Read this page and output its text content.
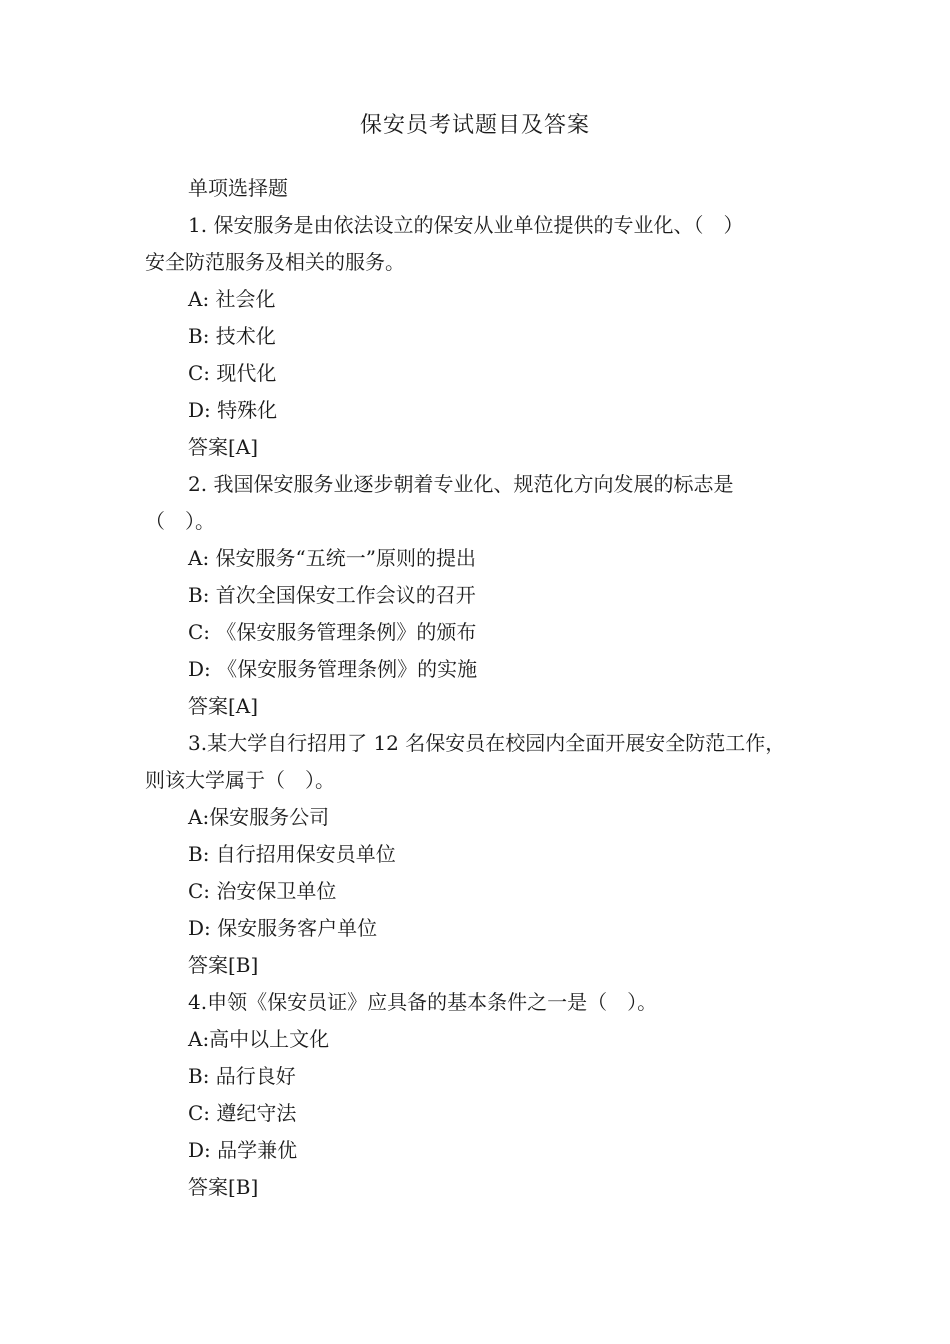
保安员考试题目及答案
单项选择题
1. 保安服务是由依法设立的保安从业单位提供的专业化、（　）
安全防范服务及相关的服务。
A: 社会化
B: 技术化
C: 现代化
D: 特殊化
答案[A]
2. 我国保安服务业逐步朝着专业化、规范化方向发展的标志是
（　）。
A: 保安服务“五统一”原则的提出
B: 首次全国保安工作会议的召开
C: 《保安服务管理条例》的颁布
D: 《保安服务管理条例》的实施
答案[A]
3.某大学自行招用了 12 名保安员在校园内全面开展安全防范工作，
则该大学属于（　）。
A:保安服务公司
B: 自行招用保安员单位
C: 治安保卫单位
D: 保安服务客户单位
答案[B]
4.申领《保安员证》应具备的基本条件之一是（　）。
A:高中以上文化
B: 品行良好
C: 遵纪守法
D: 品学兼优
答案[B]
